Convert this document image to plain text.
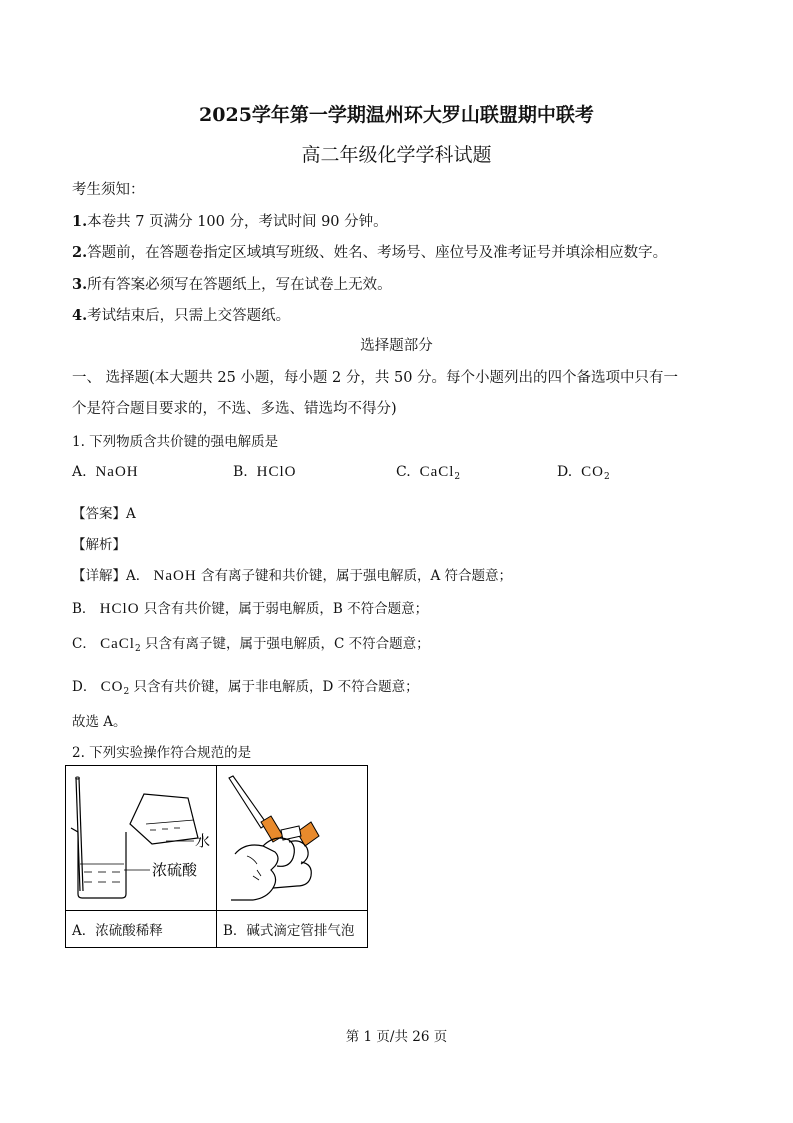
2025学年第一学期温州环大罗山联盟期中联考
高二年级化学学科试题
考生须知：
1.本卷共 7 页满分 100 分，考试时间 90 分钟。
2.答题前，在答题卷指定区域填写班级、姓名、考场号、座位号及准考证号并填涂相应数字。
3.所有答案必须写在答题纸上，写在试卷上无效。
4.考试结束后，只需上交答题纸。
选择题部分
一、 选择题(本大题共 25 小题，每小题 2 分，共 50 分。每个小题列出的四个备选项中只有一
个是符合题目要求的，不选、多选、错选均不得分)
1. 下列物质含共价键的强电解质是
A. NaOH	B. HClO	C. CaCl$_2$	D. $CO_2$
【答案】A
【解析】
【详解】A． NaOH 含有离子键和共价键，属于强电解质，A 符合题意；
B． HClO 只含有共价键，属于弱电解质，B 不符合题意；
C． CaCl$_2$ 只含有离子键，属于强电解质，C 不符合题意；
D． $CO_2$ 只含有共价键，属于非电解质，D 不符合题意；
故选 A。
2. 下列实验操作符合规范的是
水
浓硫酸

A．浓硫酸稀释	B．碱式滴定管排气泡
第 1 页/共 26 页
